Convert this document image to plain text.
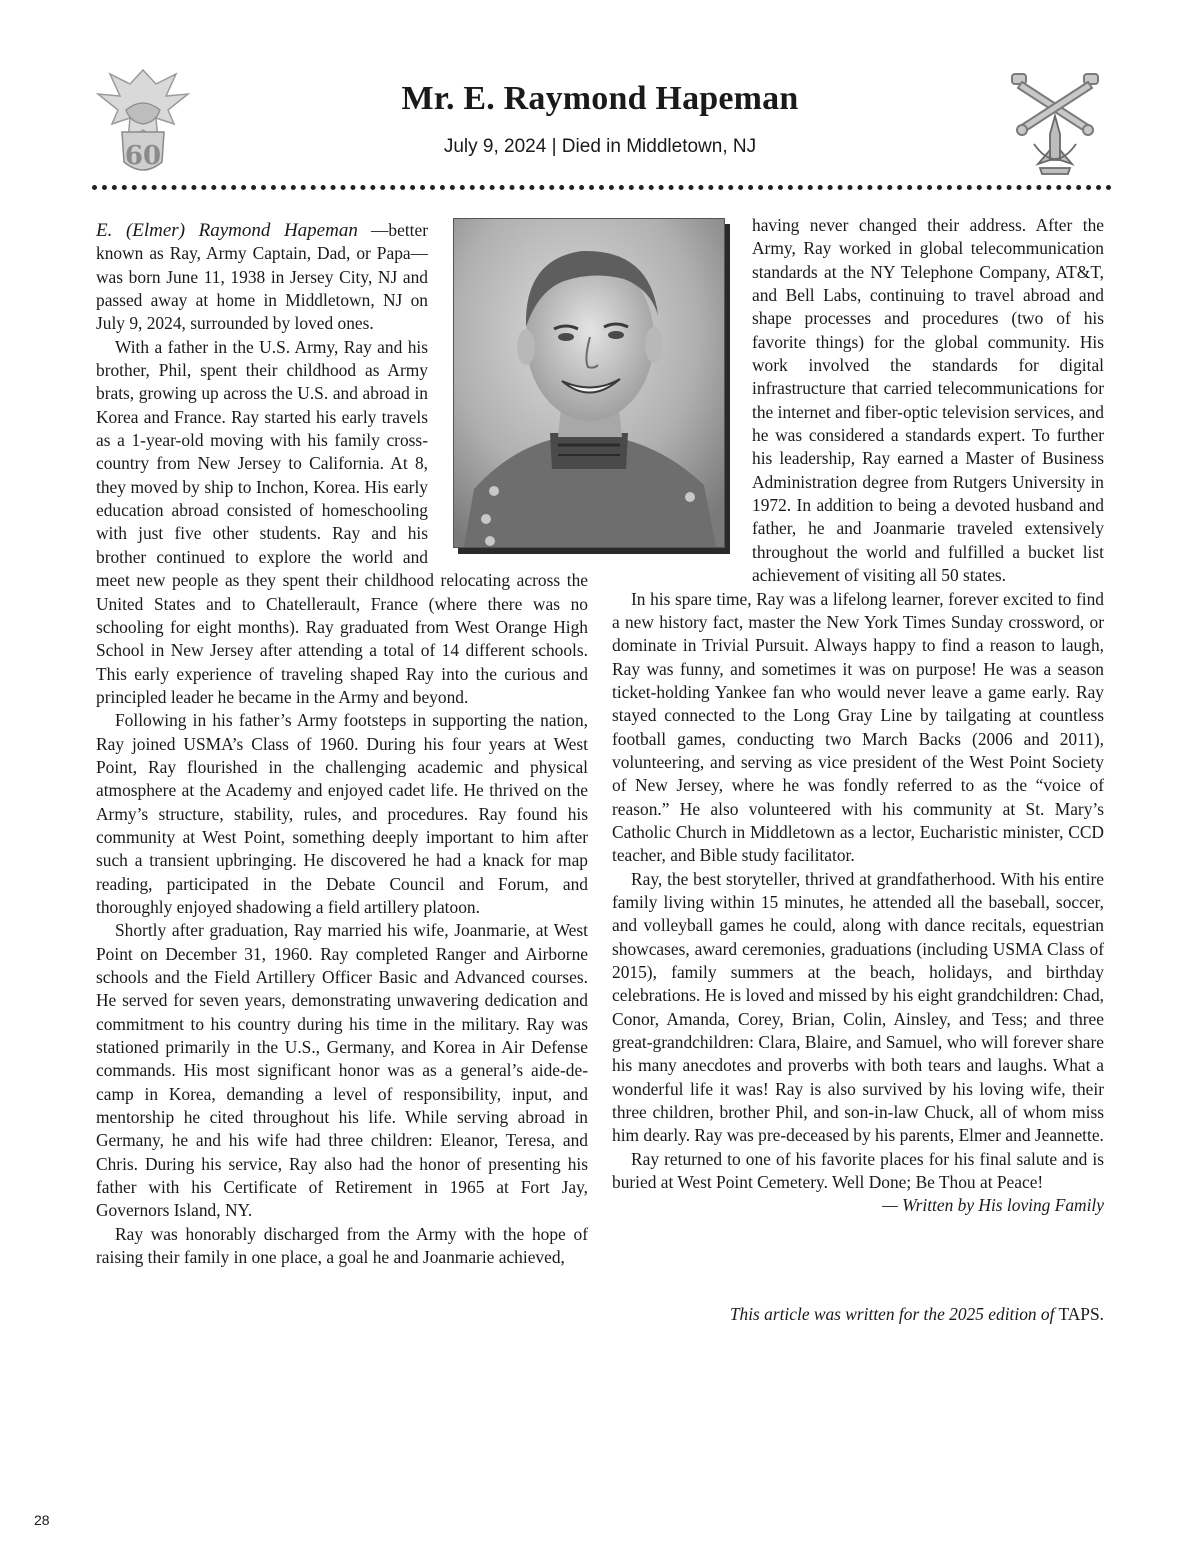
60
Mr. E. Raymond Hapeman
July 9, 2024 | Died in Middletown, NJ

E. (Elmer) Raymond Hapeman —better known as Ray, Army Captain, Dad, or Papa—was born June 11, 1938 in Jersey City, NJ and passed away at home in Middletown, NJ on July 9, 2024, surrounded by loved ones.

With a father in the U.S. Army, Ray and his brother, Phil, spent their childhood as Army brats, growing up across the U.S. and abroad in Korea and France. Ray started his early travels as a 1-year-old moving with his family cross-country from New Jersey to California. At 8, they moved by ship to Inchon, Korea. His early education abroad consisted of homeschooling with just five other students. Ray and his brother continued to explore the world and meet new people as they spent their childhood relocating across the United States and to Chatellerault, France (where there was no schooling for eight months). Ray graduated from West Orange High School in New Jersey after attending a total of 14 different schools. This early experience of traveling shaped Ray into the curious and principled leader he became in the Army and beyond.

Following in his father’s Army footsteps in supporting the nation, Ray joined USMA’s Class of 1960. During his four years at West Point, Ray flourished in the challenging academic and physical atmosphere at the Academy and enjoyed cadet life. He thrived on the Army’s structure, stability, rules, and procedures. Ray found his community at West Point, something deeply important to him after such a transient upbringing. He discovered he had a knack for map reading, participated in the Debate Council and Forum, and thoroughly enjoyed shadowing a field artillery platoon.

Shortly after graduation, Ray married his wife, Joanmarie, at West Point on December 31, 1960. Ray completed Ranger and Airborne schools and the Field Artillery Officer Basic and Advanced courses. He served for seven years, demonstrating unwavering dedication and commitment to his country during his time in the military. Ray was stationed primarily in the U.S., Germany, and Korea in Air Defense commands. His most significant honor was as a general’s aide-de-camp in Korea, demanding a level of responsibility, input, and mentorship he cited throughout his life. While serving abroad in Germany, he and his wife had three children: Eleanor, Teresa, and Chris. During his service, Ray also had the honor of presenting his father with his Certificate of Retirement in 1965 at Fort Jay, Governors Island, NY.

Ray was honorably discharged from the Army with the hope of raising their family in one place, a goal he and Joanmarie achieved,

having never changed their address. After the Army, Ray worked in global telecommunication standards at the NY Telephone Company, AT&T, and Bell Labs, continuing to travel abroad and shape processes and procedures (two of his favorite things) for the global community. His work involved the standards for digital infrastructure that carried telecommunications for the internet and fiber-optic television services, and he was considered a standards expert. To further his leadership, Ray earned a Master of Business Administration degree from Rutgers University in 1972. In addition to being a devoted husband and father, he and Joanmarie traveled extensively throughout the world and fulfilled a bucket list achievement of visiting all 50 states.

In his spare time, Ray was a lifelong learner, forever excited to find a new history fact, master the New York Times Sunday crossword, or dominate in Trivial Pursuit. Always happy to find a reason to laugh, Ray was funny, and sometimes it was on purpose! He was a season ticket-holding Yankee fan who would never leave a game early. Ray stayed connected to the Long Gray Line by tailgating at countless football games, conducting two March Backs (2006 and 2011), volunteering, and serving as vice president of the West Point Society of New Jersey, where he was fondly referred to as the “voice of reason.” He also volunteered with his community at St. Mary’s Catholic Church in Middletown as a lector, Eucharistic minister, CCD teacher, and Bible study facilitator.

Ray, the best storyteller, thrived at grandfatherhood. With his entire family living within 15 minutes, he attended all the baseball, soccer, and volleyball games he could, along with dance recitals, equestrian showcases, award ceremonies, graduations (including USMA Class of 2015), family summers at the beach, holidays, and birthday celebrations. He is loved and missed by his eight grandchildren: Chad, Conor, Amanda, Corey, Brian, Colin, Ainsley, and Tess; and three great-grandchildren: Clara, Blaire, and Samuel, who will forever share his many anecdotes and proverbs with both tears and laughs. What a wonderful life it was! Ray is also survived by his loving wife, their three children, brother Phil, and son-in-law Chuck, all of whom miss him dearly. Ray was pre-deceased by his parents, Elmer and Jeannette.

Ray returned to one of his favorite places for his final salute and is buried at West Point Cemetery. Well Done; Be Thou at Peace!

— Written by His loving Family
This article was written for the 2025 edition of TAPS.
28
